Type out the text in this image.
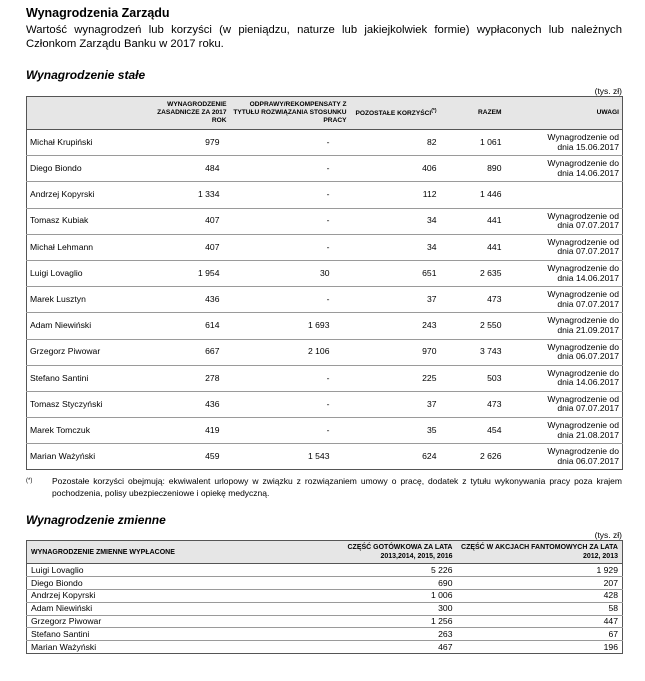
Wynagrodzenia Zarządu

Wartość wynagrodzeń lub korzyści (w pieniądzu, naturze lub jakiejkolwiek formie) wypłaconych lub należnych Członkom Zarządu Banku w 2017 roku.

Wynagrodzenie stałe

(tys. zł)
	WYNAGRODZENIE ZASADNICZE ZA 2017 ROK	ODPRAWY/REKOMPENSATY Z TYTUŁU ROZWIĄZANIA STOSUNKU PRACY	POZOSTAŁE KORZYŚCI(*)	RAZEM	UWAGI
Michał Krupiński	979	-	82	1 061	Wynagrodzenie od
dnia 15.06.2017
Diego Biondo	484	-	406	890	Wynagrodzenie do
dnia 14.06.2017
Andrzej Kopyrski	1 334	-	112	1 446	
Tomasz Kubiak	407	-	34	441	Wynagrodzenie od
dnia 07.07.2017
Michał Lehmann	407	-	34	441	Wynagrodzenie od
dnia 07.07.2017
Luigi Lovaglio	1 954	30	651	2 635	Wynagrodzenie do
dnia 14.06.2017
Marek Lusztyn	436	-	37	473	Wynagrodzenie od
dnia 07.07.2017
Adam Niewiński	614	1 693	243	2 550	Wynagrodzenie do
dnia 21.09.2017
Grzegorz Piwowar	667	2 106	970	3 743	Wynagrodzenie do
dnia 06.07.2017
Stefano Santini	278	-	225	503	Wynagrodzenie do
dnia 14.06.2017
Tomasz Styczyński	436	-	37	473	Wynagrodzenie od
dnia 07.07.2017
Marek Tomczuk	419	-	35	454	Wynagrodzenie od
dnia 21.08.2017
Marian Ważyński	459	1 543	624	2 626	Wynagrodzenie do
dnia 06.07.2017
(*)	Pozostałe korzyści obejmują: ekwiwalent urlopowy w związku z rozwiązaniem umowy o pracę, dodatek z tytułu wykonywania pracy poza krajem pochodzenia, polisy ubezpieczeniowe i opiekę medyczną.

Wynagrodzenie zmienne

(tys. zł)
WYNAGRODZENIE ZMIENNE WYPŁACONE	CZĘŚĆ GOTÓWKOWA ZA LATA 2013,2014, 2015, 2016	CZĘŚĆ W AKCJACH FANTOMOWYCH ZA LATA 2012, 2013
Luigi Lovaglio	5 226	1 929
Diego Biondo	690	207
Andrzej Kopyrski	1 006	428
Adam Niewiński	300	58
Grzegorz Piwowar	1 256	447
Stefano Santini	263	67
Marian Ważyński	467	196
